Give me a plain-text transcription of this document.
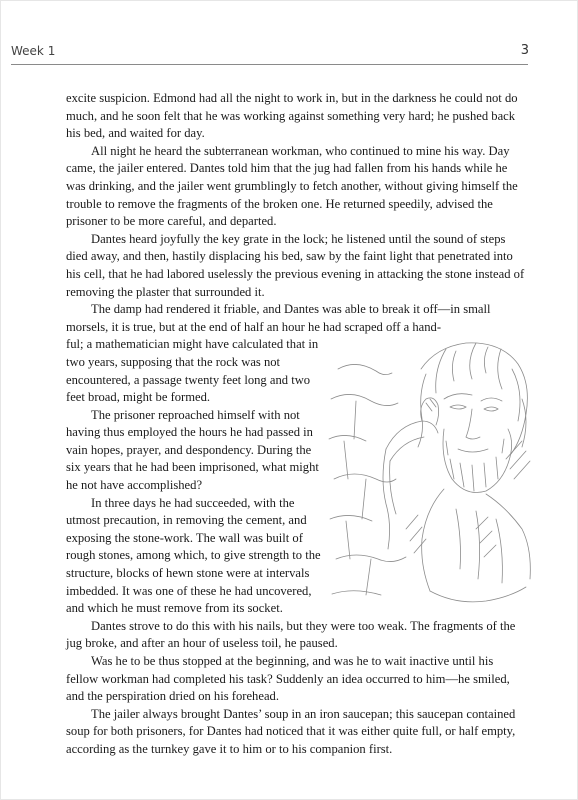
Week 1	3

excite suspicion. Edmond had all the night to work in, but in the darkness he could not do much, and he soon felt that he was working against something very hard; he pushed back his bed, and waited for day.

All night he heard the subterranean workman, who continued to mine his way. Day came, the jailer entered. Dantes told him that the jug had fallen from his hands while he was drinking, and the jailer went grumblingly to fetch another, without giving himself the trouble to remove the fragments of the broken one. He returned speedily, advised the prisoner to be more careful, and departed.

Dantes heard joyfully the key grate in the lock; he listened until the sound of steps died away, and then, hastily displacing his bed, saw by the faint light that penetrated into his cell, that he had labored uselessly the previous evening in attacking the stone instead of removing the plaster that surrounded it.

The damp had rendered it friable, and Dantes was able to break it off—in small morsels, it is true, but at the end of half an hour he had scraped off a hand-

ful; a mathematician might have calculated that in two years, supposing that the rock was not encountered, a passage twenty feet long and two feet broad, might be formed.

The prisoner reproached himself with not having thus employed the hours he had passed in vain hopes, prayer, and despondency. During the six years that he had been imprisoned, what might he not have accomplished?

In three days he had succeeded, with the utmost precaution, in removing the cement, and exposing the stone-work. The wall was built of rough stones, among which, to give strength to the structure, blocks of hewn stone were at intervals imbedded. It was one of these he had uncovered, and which he must remove from its socket.

Dantes strove to do this with his nails, but they were too weak. The fragments of the jug broke, and after an hour of useless toil, he paused.

Was he to be thus stopped at the beginning, and was he to wait inactive until his fellow workman had completed his task? Suddenly an idea occurred to him—he smiled, and the perspiration dried on his forehead.

The jailer always brought Dantes’ soup in an iron saucepan; this saucepan contained soup for both prisoners, for Dantes had noticed that it was either quite full, or half empty, according as the turnkey gave it to him or to his companion first.
